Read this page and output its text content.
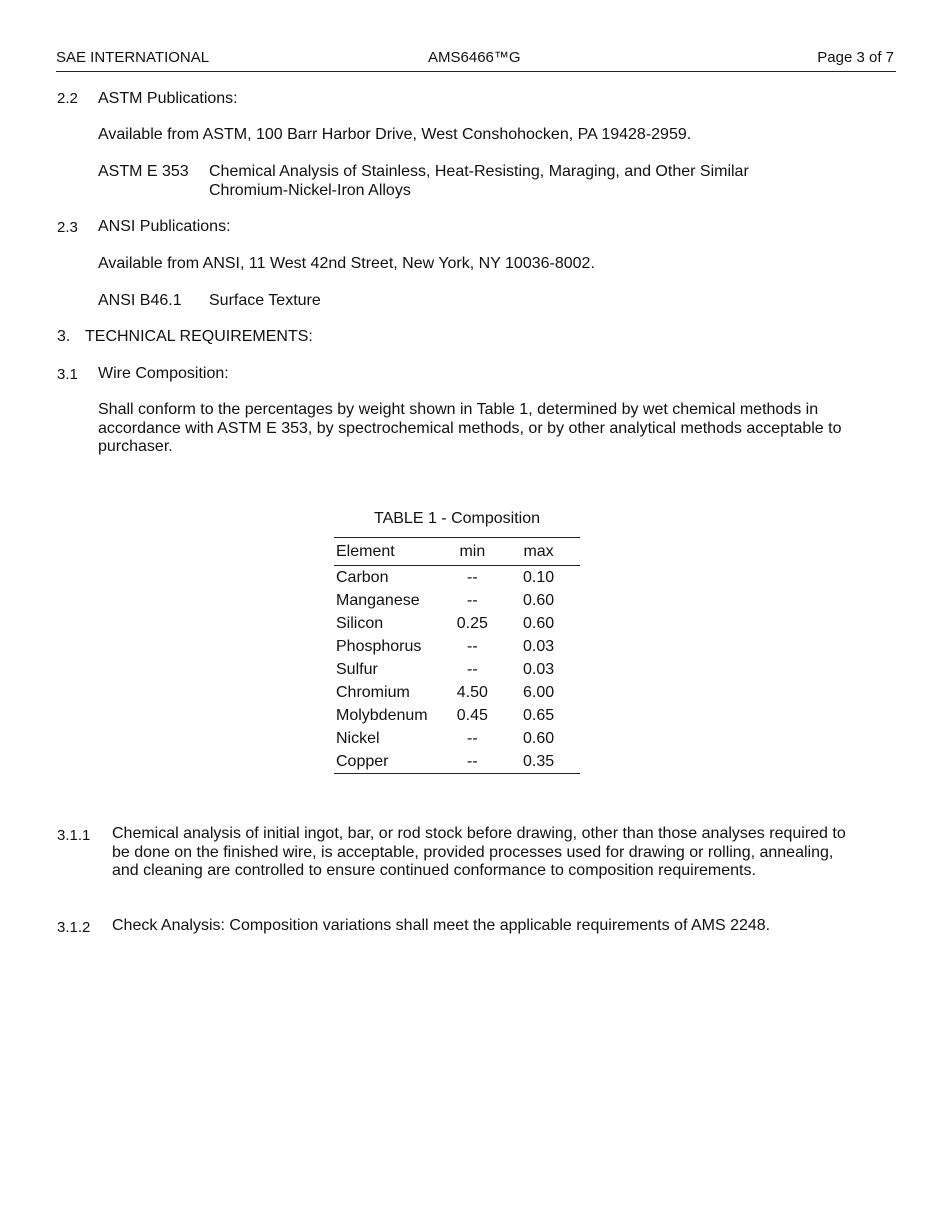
SAE INTERNATIONAL	AMS6466™G	Page 3 of 7
2.2 ASTM Publications:
Available from ASTM, 100 Barr Harbor Drive, West Conshohocken, PA 19428-2959.
ASTM E 353 Chemical Analysis of Stainless, Heat-Resisting, Maraging, and Other Similar
Chromium-Nickel-Iron Alloys
2.3 ANSI Publications:
Available from ANSI, 11 West 42nd Street, New York, NY 10036-8002.
ANSI B46.1 Surface Texture
3. TECHNICAL REQUIREMENTS:
3.1 Wire Composition:
Shall conform to the percentages by weight shown in Table 1, determined by wet chemical methods in accordance with ASTM E 353, by spectrochemical methods, or by other analytical methods acceptable to purchaser.
TABLE 1 - Composition
Element	min	max
Carbon	--	0.10
Manganese	--	0.60
Silicon	0.25	0.60
Phosphorus	--	0.03
Sulfur	--	0.03
Chromium	4.50	6.00
Molybdenum	0.45	0.65
Nickel	--	0.60
Copper	--	0.35
3.1.1 Chemical analysis of initial ingot, bar, or rod stock before drawing, other than those analyses required to be done on the finished wire, is acceptable, provided processes used for drawing or rolling, annealing, and cleaning are controlled to ensure continued conformance to composition requirements.
3.1.2 Check Analysis: Composition variations shall meet the applicable requirements of AMS 2248.
